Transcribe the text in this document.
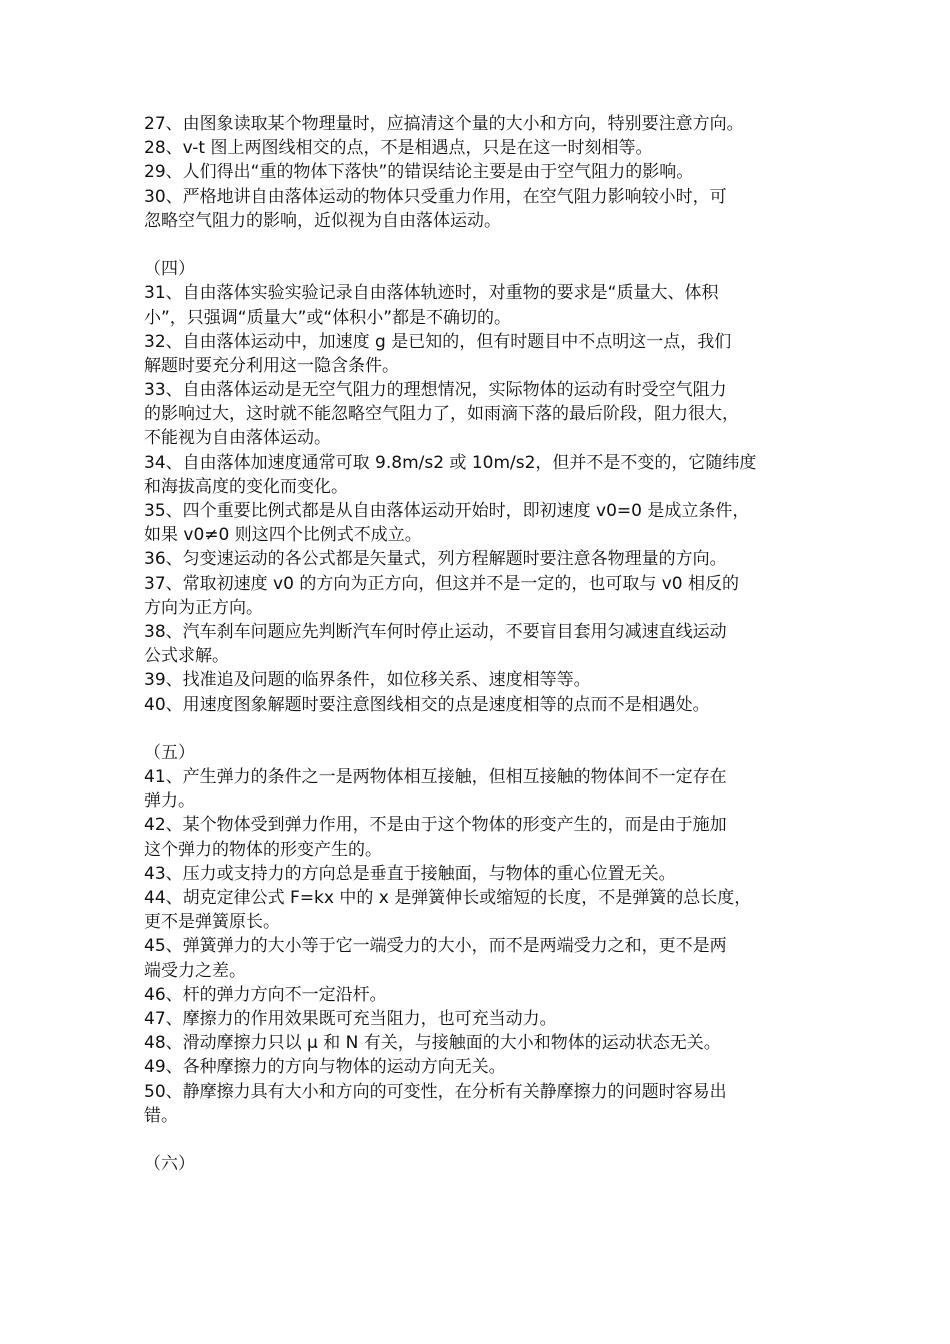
27、由图象读取某个物理量时，应搞清这个量的大小和方向，特别要注意方向。
28、v-t 图上两图线相交的点，不是相遇点，只是在这一时刻相等。
29、人们得出“重的物体下落快”的错误结论主要是由于空气阻力的影响。
30、严格地讲自由落体运动的物体只受重力作用，在空气阻力影响较小时，可
忽略空气阻力的影响，近似视为自由落体运动。
（四）
31、自由落体实验实验记录自由落体轨迹时，对重物的要求是“质量大、体积
小”，只强调“质量大”或“体积小”都是不确切的。
32、自由落体运动中，加速度 g 是已知的，但有时题目中不点明这一点，我们
解题时要充分利用这一隐含条件。
33、自由落体运动是无空气阻力的理想情况，实际物体的运动有时受空气阻力
的影响过大，这时就不能忽略空气阻力了，如雨滴下落的最后阶段，阻力很大，
不能视为自由落体运动。
34、自由落体加速度通常可取 9.8m/s2 或 10m/s2，但并不是不变的，它随纬度
和海拔高度的变化而变化。
35、四个重要比例式都是从自由落体运动开始时，即初速度 v0=0 是成立条件，
如果 v0≠0 则这四个比例式不成立。
36、匀变速运动的各公式都是矢量式，列方程解题时要注意各物理量的方向。
37、常取初速度 v0 的方向为正方向，但这并不是一定的，也可取与 v0 相反的
方向为正方向。
38、汽车刹车问题应先判断汽车何时停止运动，不要盲目套用匀减速直线运动
公式求解。
39、找准追及问题的临界条件，如位移关系、速度相等等。
40、用速度图象解题时要注意图线相交的点是速度相等的点而不是相遇处。
（五）
41、产生弹力的条件之一是两物体相互接触，但相互接触的物体间不一定存在
弹力。
42、某个物体受到弹力作用，不是由于这个物体的形变产生的，而是由于施加
这个弹力的物体的形变产生的。
43、压力或支持力的方向总是垂直于接触面，与物体的重心位置无关。
44、胡克定律公式 F=kx 中的 x 是弹簧伸长或缩短的长度，不是弹簧的总长度，
更不是弹簧原长。
45、弹簧弹力的大小等于它一端受力的大小，而不是两端受力之和，更不是两
端受力之差。
46、杆的弹力方向不一定沿杆。
47、摩擦力的作用效果既可充当阻力，也可充当动力。
48、滑动摩擦力只以 μ 和 N 有关，与接触面的大小和物体的运动状态无关。
49、各种摩擦力的方向与物体的运动方向无关。
50、静摩擦力具有大小和方向的可变性，在分析有关静摩擦力的问题时容易出
错。
（六）
